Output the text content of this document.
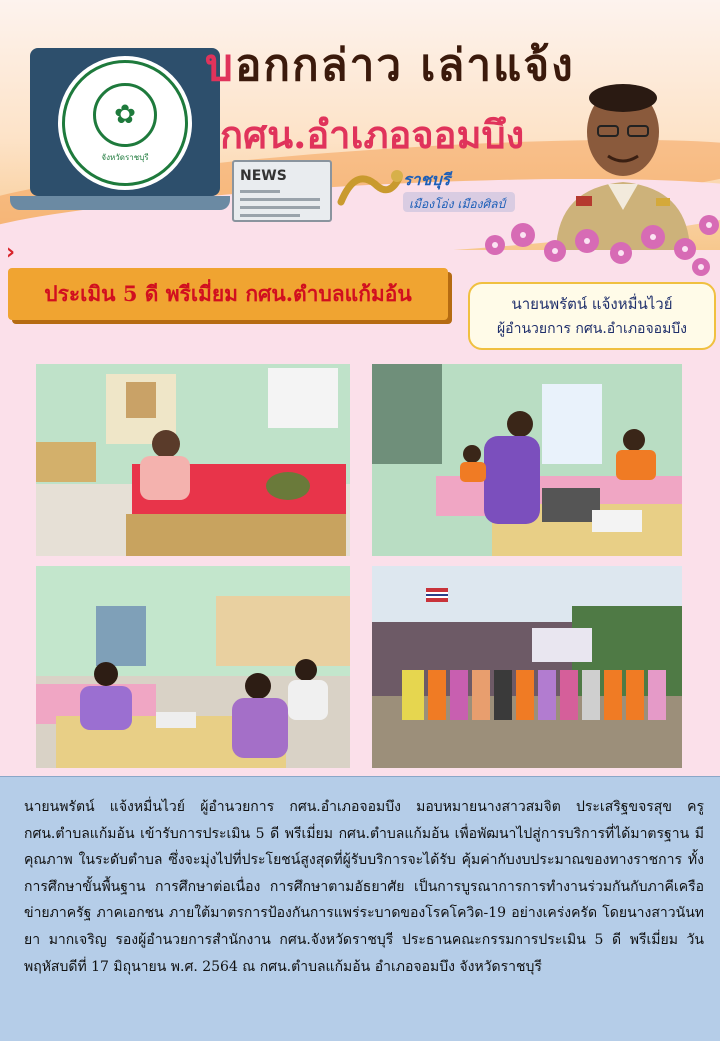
✿
จังหวัดราชบุรี
บอกกล่าว เล่าแจ้ง
กศน.อำเภอจอมบึง
NEWS
เมืองโอ่ง เมืองศิลป์
ราชบุรี
›
ประเมิน 5 ดี พรีเมี่ยม กศน.ตำบลแก้มอ้น	นายนพรัตน์ แจ้งหมื่นไวย์
ผู้อำนวยการ กศน.อำเภอจอมบึง

นายนพรัตน์ แจ้งหมื่นไวย์ ผู้อำนวยการ กศน.อำเภอจอมบึง มอบหมายนางสาวสมจิต ประเสริฐขจรสุข ครู กศน.ตำบลแก้มอ้น เข้ารับการประเมิน 5 ดี พรีเมี่ยม กศน.ตำบลแก้มอ้น เพื่อพัฒนาไปสู่การบริการที่ได้มาตรฐาน มีคุณภาพ ในระดับตำบล ซึ่งจะมุ่งไปที่ประโยชน์สูงสุดที่ผู้รับบริการจะได้รับ คุ้มค่ากับงบประมาณของทางราชการ ทั้งการศึกษาขั้นพื้นฐาน การศึกษาต่อเนื่อง การศึกษาตามอัธยาศัย เป็นการบูรณาการการทำงานร่วมกันกับภาคีเครือข่ายภาครัฐ ภาคเอกชน ภายใต้มาตรการป้องกันการแพร่ระบาดของโรคโควิด-19 อย่างเคร่งครัด โดยนางสาวนันทยา มากเจริญ รองผู้อำนวยการสำนักงาน กศน.จังหวัดราชบุรี ประธานคณะกรรมการประเมิน 5 ดี พรีเมี่ยม วันพฤหัสบดีที่ 17 มิถุนายน พ.ศ. 2564 ณ กศน.ตำบลแก้มอ้น อำเภอจอมบึง จังหวัดราชบุรี
